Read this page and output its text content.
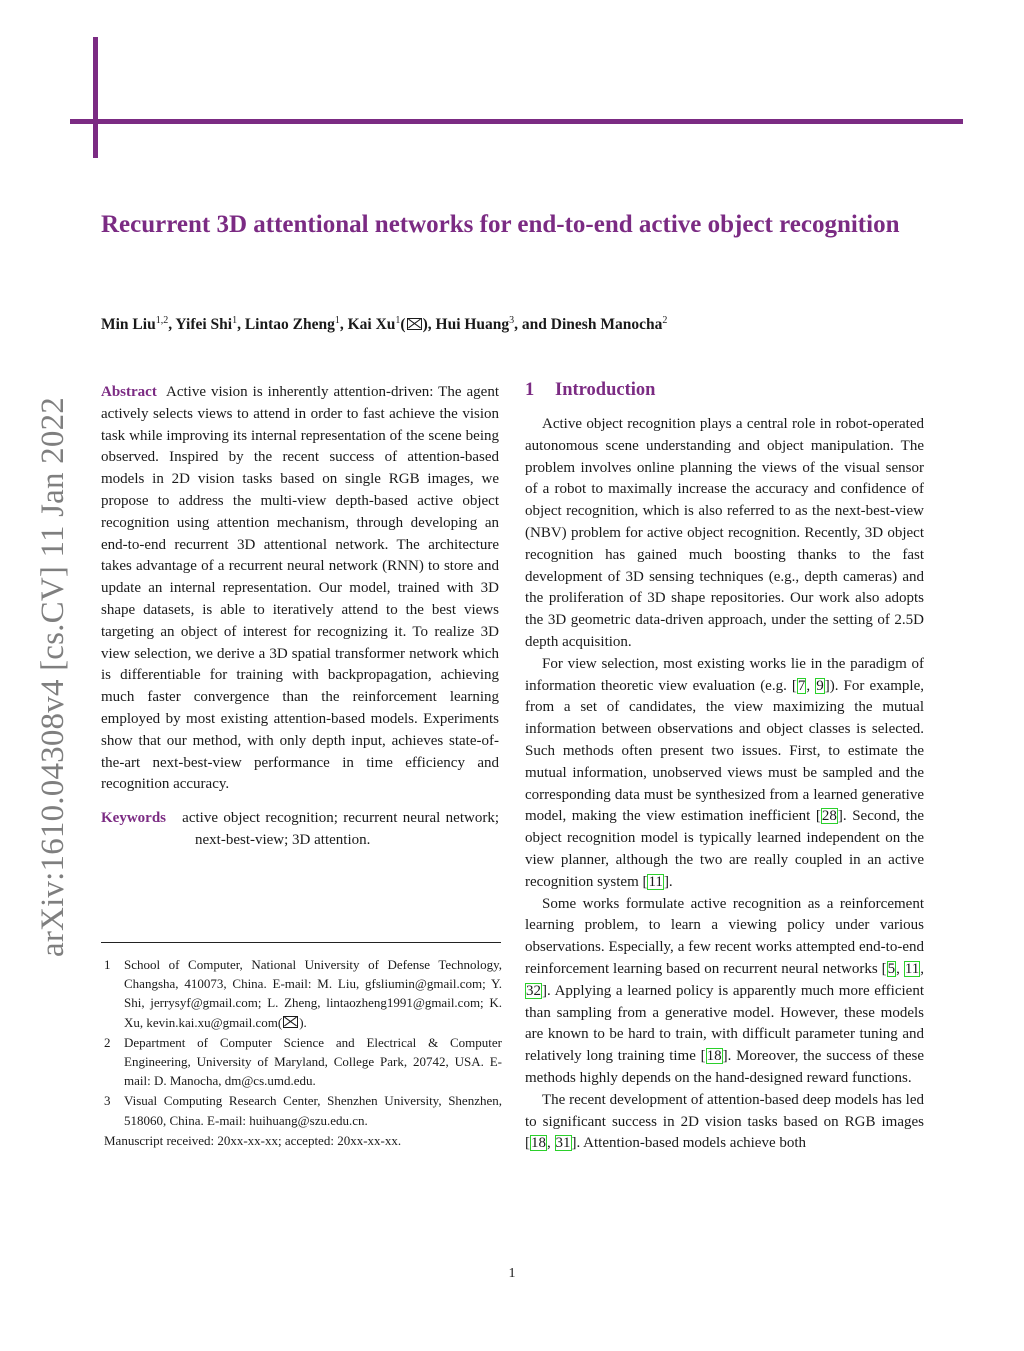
arXiv:1610.04308v4 [cs.CV] 11 Jan 2022
Recurrent 3D attentional networks for end-to-end active object recognition
Min Liu$^{1,2}$, Yifei Shi$^1$, Lintao Zheng$^1$, Kai Xu$^1$( ), Hui Huang$^3$, and Dinesh Manocha$^2$

Abstract Active vision is inherently attention-driven: The agent actively selects views to attend in order to fast achieve the vision task while improving its internal representation of the scene being observed. Inspired by the recent success of attention-based models in 2D vision tasks based on single RGB images, we propose to address the multi-view depth-based active object recognition using attention mechanism, through developing an end-to-end recurrent 3D attentional network. The architecture takes advantage of a recurrent neural network (RNN) to store and update an internal representation. Our model, trained with 3D shape datasets, is able to iteratively attend to the best views targeting an object of interest for recognizing it. To realize 3D view selection, we derive a 3D spatial transformer network which is differentiable for training with backpropagation, achieving much faster convergence than the reinforcement learning employed by most existing attention-based models. Experiments show that our method, with only depth input, achieves state-of-the-art next-best-view performance in time efficiency and recognition accuracy.

Keywords active object recognition; recurrent neural network; next-best-view; 3D attention.
1	School of Computer, National University of Defense Technology, Changsha, 410073, China. E-mail: M. Liu, gfsliumin@gmail.com; Y. Shi, jerrysyf@gmail.com; L. Zheng, lintaozheng1991@gmail.com; K. Xu, kevin.kai.xu@gmail.com( ).
2	Department of Computer Science and Electrical & Computer Engineering, University of Maryland, College Park, 20742, USA. E-mail: D. Manocha, dm@cs.umd.edu.
3	Visual Computing Research Center, Shenzhen University, Shenzhen, 518060, China. E-mail: huihuang@szu.edu.cn.
Manuscript received: 20xx-xx-xx; accepted: 20xx-xx-xx.
1 Introduction

Active object recognition plays a central role in robot-operated autonomous scene understanding and object manipulation. The problem involves online planning the views of the visual sensor of a robot to maximally increase the accuracy and confidence of object recognition, which is also referred to as the next-best-view (NBV) problem for active object recognition. Recently, 3D object recognition has gained much boosting thanks to the fast development of 3D sensing techniques (e.g., depth cameras) and the proliferation of 3D shape repositories. Our work also adopts the 3D geometric data-driven approach, under the setting of 2.5D depth acquisition.

For view selection, most existing works lie in the paradigm of information theoretic view evaluation (e.g. [7, 9]). For example, from a set of candidates, the view maximizing the mutual information between observations and object classes is selected. Such methods often present two issues. First, to estimate the mutual information, unobserved views must be sampled and the corresponding data must be synthesized from a learned generative model, making the view estimation inefficient [28]. Second, the object recognition model is typically learned independent on the view planner, although the two are really coupled in an active recognition system [11].

Some works formulate active recognition as a reinforcement learning problem, to learn a viewing policy under various observations. Especially, a few recent works attempted end-to-end reinforcement learning based on recurrent neural networks [5, 11, 32]. Applying a learned policy is apparently much more efficient than sampling from a generative model. However, these models are known to be hard to train, with difficult parameter tuning and relatively long training time [18]. Moreover, the success of these methods highly depends on the hand-designed reward functions.

The recent development of attention-based deep models has led to significant success in 2D vision tasks based on RGB images [18, 31]. Attention-based models achieve both

1
